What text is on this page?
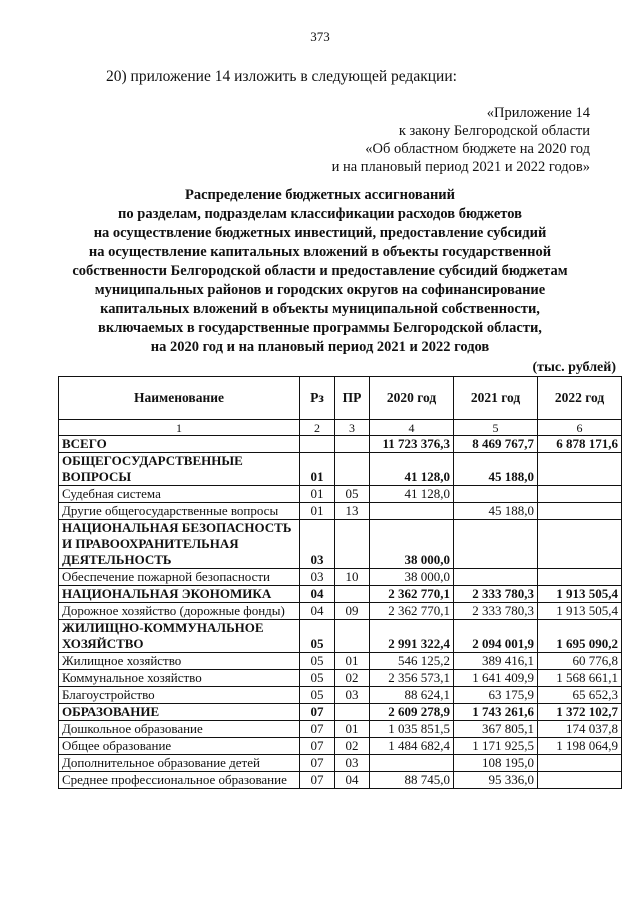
373
20) приложение 14 изложить в следующей редакции:
«Приложение 14
к закону Белгородской области
«Об областном бюджете на 2020 год
и на плановый период 2021 и 2022 годов»
Распределение бюджетных ассигнований
по разделам, подразделам классификации расходов бюджетов
на осуществление бюджетных инвестиций, предоставление субсидий
на осуществление капитальных вложений в объекты государственной
собственности Белгородской области и предоставление субсидий бюджетам
муниципальных районов и городских округов на софинансирование
капитальных вложений в объекты муниципальной собственности,
включаемых в государственные программы Белгородской области,
на 2020 год и на плановый период 2021 и 2022 годов
(тыс. рублей)
Наименование	Рз	ПР	2020 год	2021 год	2022 год
1	2	3	4	5	6
ВСЕГО			11 723 376,3	8 469 767,7	6 878 171,6
ОБЩЕГОСУДАРСТВЕННЫЕ ВОПРОСЫ	01		41 128,0	45 188,0	
Судебная система	01	05	41 128,0		
Другие общегосударственные вопросы	01	13		45 188,0	
НАЦИОНАЛЬНАЯ БЕЗОПАСНОСТЬ И ПРАВООХРАНИТЕЛЬНАЯ ДЕЯТЕЛЬНОСТЬ	03		38 000,0		
Обеспечение пожарной безопасности	03	10	38 000,0		
НАЦИОНАЛЬНАЯ ЭКОНОМИКА	04		2 362 770,1	2 333 780,3	1 913 505,4
Дорожное хозяйство (дорожные фонды)	04	09	2 362 770,1	2 333 780,3	1 913 505,4
ЖИЛИЩНО-КОММУНАЛЬНОЕ ХОЗЯЙСТВО	05		2 991 322,4	2 094 001,9	1 695 090,2
Жилищное хозяйство	05	01	546 125,2	389 416,1	60 776,8
Коммунальное хозяйство	05	02	2 356 573,1	1 641 409,9	1 568 661,1
Благоустройство	05	03	88 624,1	63 175,9	65 652,3
ОБРАЗОВАНИЕ	07		2 609 278,9	1 743 261,6	1 372 102,7
Дошкольное образование	07	01	1 035 851,5	367 805,1	174 037,8
Общее образование	07	02	1 484 682,4	1 171 925,5	1 198 064,9
Дополнительное образование детей	07	03		108 195,0	
Среднее профессиональное образование	07	04	88 745,0	95 336,0	
